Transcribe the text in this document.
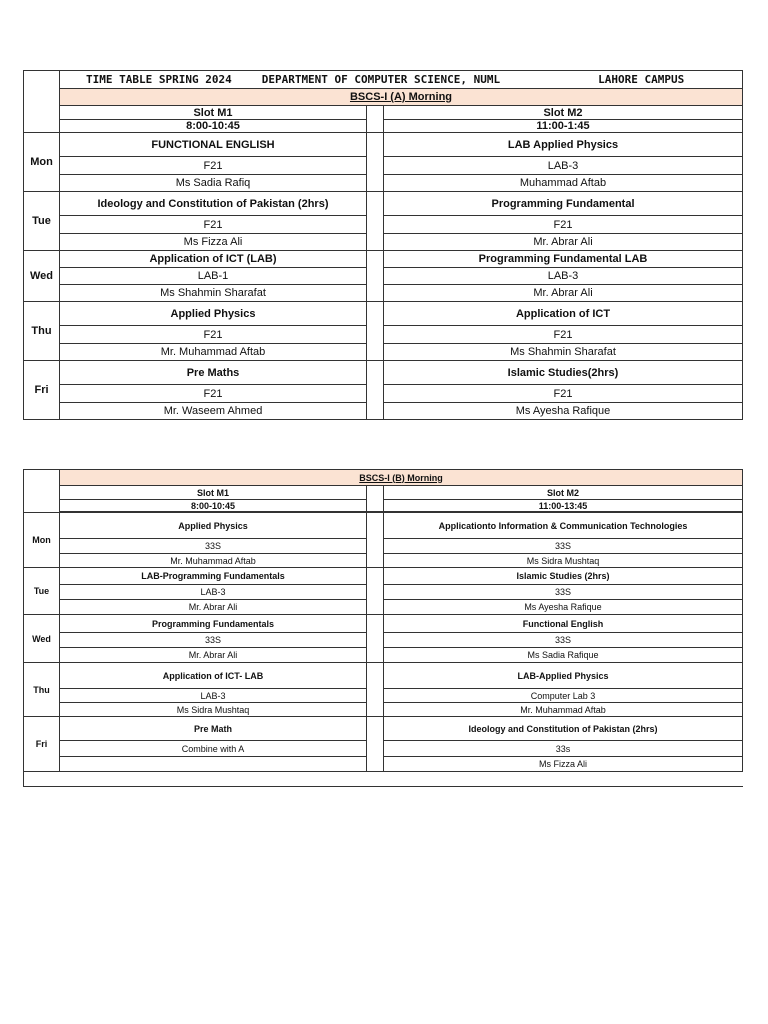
	TIME TABLE SPRING 2024 DEPARTMENT OF COMPUTER SCIENCE, NUML LAHORE CAMPUS		
	BSCS-I (A) Morning		
	Slot M1		Slot M2
	8:00-10:45		11:00-1:45
Mon	FUNCTIONAL ENGLISH		LAB Applied Physics
	F21		LAB-3
	Ms Sadia Rafiq		Muhammad Aftab
Tue	Ideology and Constitution of Pakistan (2hrs)		Programming Fundamental
	F21		F21
	Ms Fizza Ali		Mr. Abrar Ali
Wed	Application of ICT (LAB)		Programming Fundamental LAB
	LAB-1		LAB-3
	Ms Shahmin Sharafat		Mr. Abrar Ali
Thu	Applied Physics		Application of ICT
	F21		F21
	Mr. Muhammad Aftab		Ms Shahmin Sharafat
Fri	Pre Maths		Islamic Studies(2hrs)
	F21		F21
	Mr. Waseem Ahmed		Ms Ayesha Rafique
	BSCS-I (B) Morning		
	Slot M1		Slot M2
	8:00-10:45		11:00-13:45

Mon	Applied Physics		Applicationto Information & Communication Technologies
	33S		33S
	Mr. Muhammad Aftab		Ms Sidra Mushtaq
Tue	LAB-Programming Fundamentals		Islamic Studies (2hrs)
	LAB-3		33S
	Mr. Abrar Ali		Ms Ayesha Rafique
Wed	Programming Fundamentals		Functional English
	33S		33S
	Mr. Abrar Ali		Ms Sadia Rafique
Thu	Application of ICT- LAB		LAB-Applied Physics
	LAB-3		Computer Lab 3
	Ms Sidra Mushtaq		Mr. Muhammad Aftab
Fri	Pre Math		Ideology and Constitution of Pakistan (2hrs)
	Combine with A		33s
			Ms Fizza Ali
